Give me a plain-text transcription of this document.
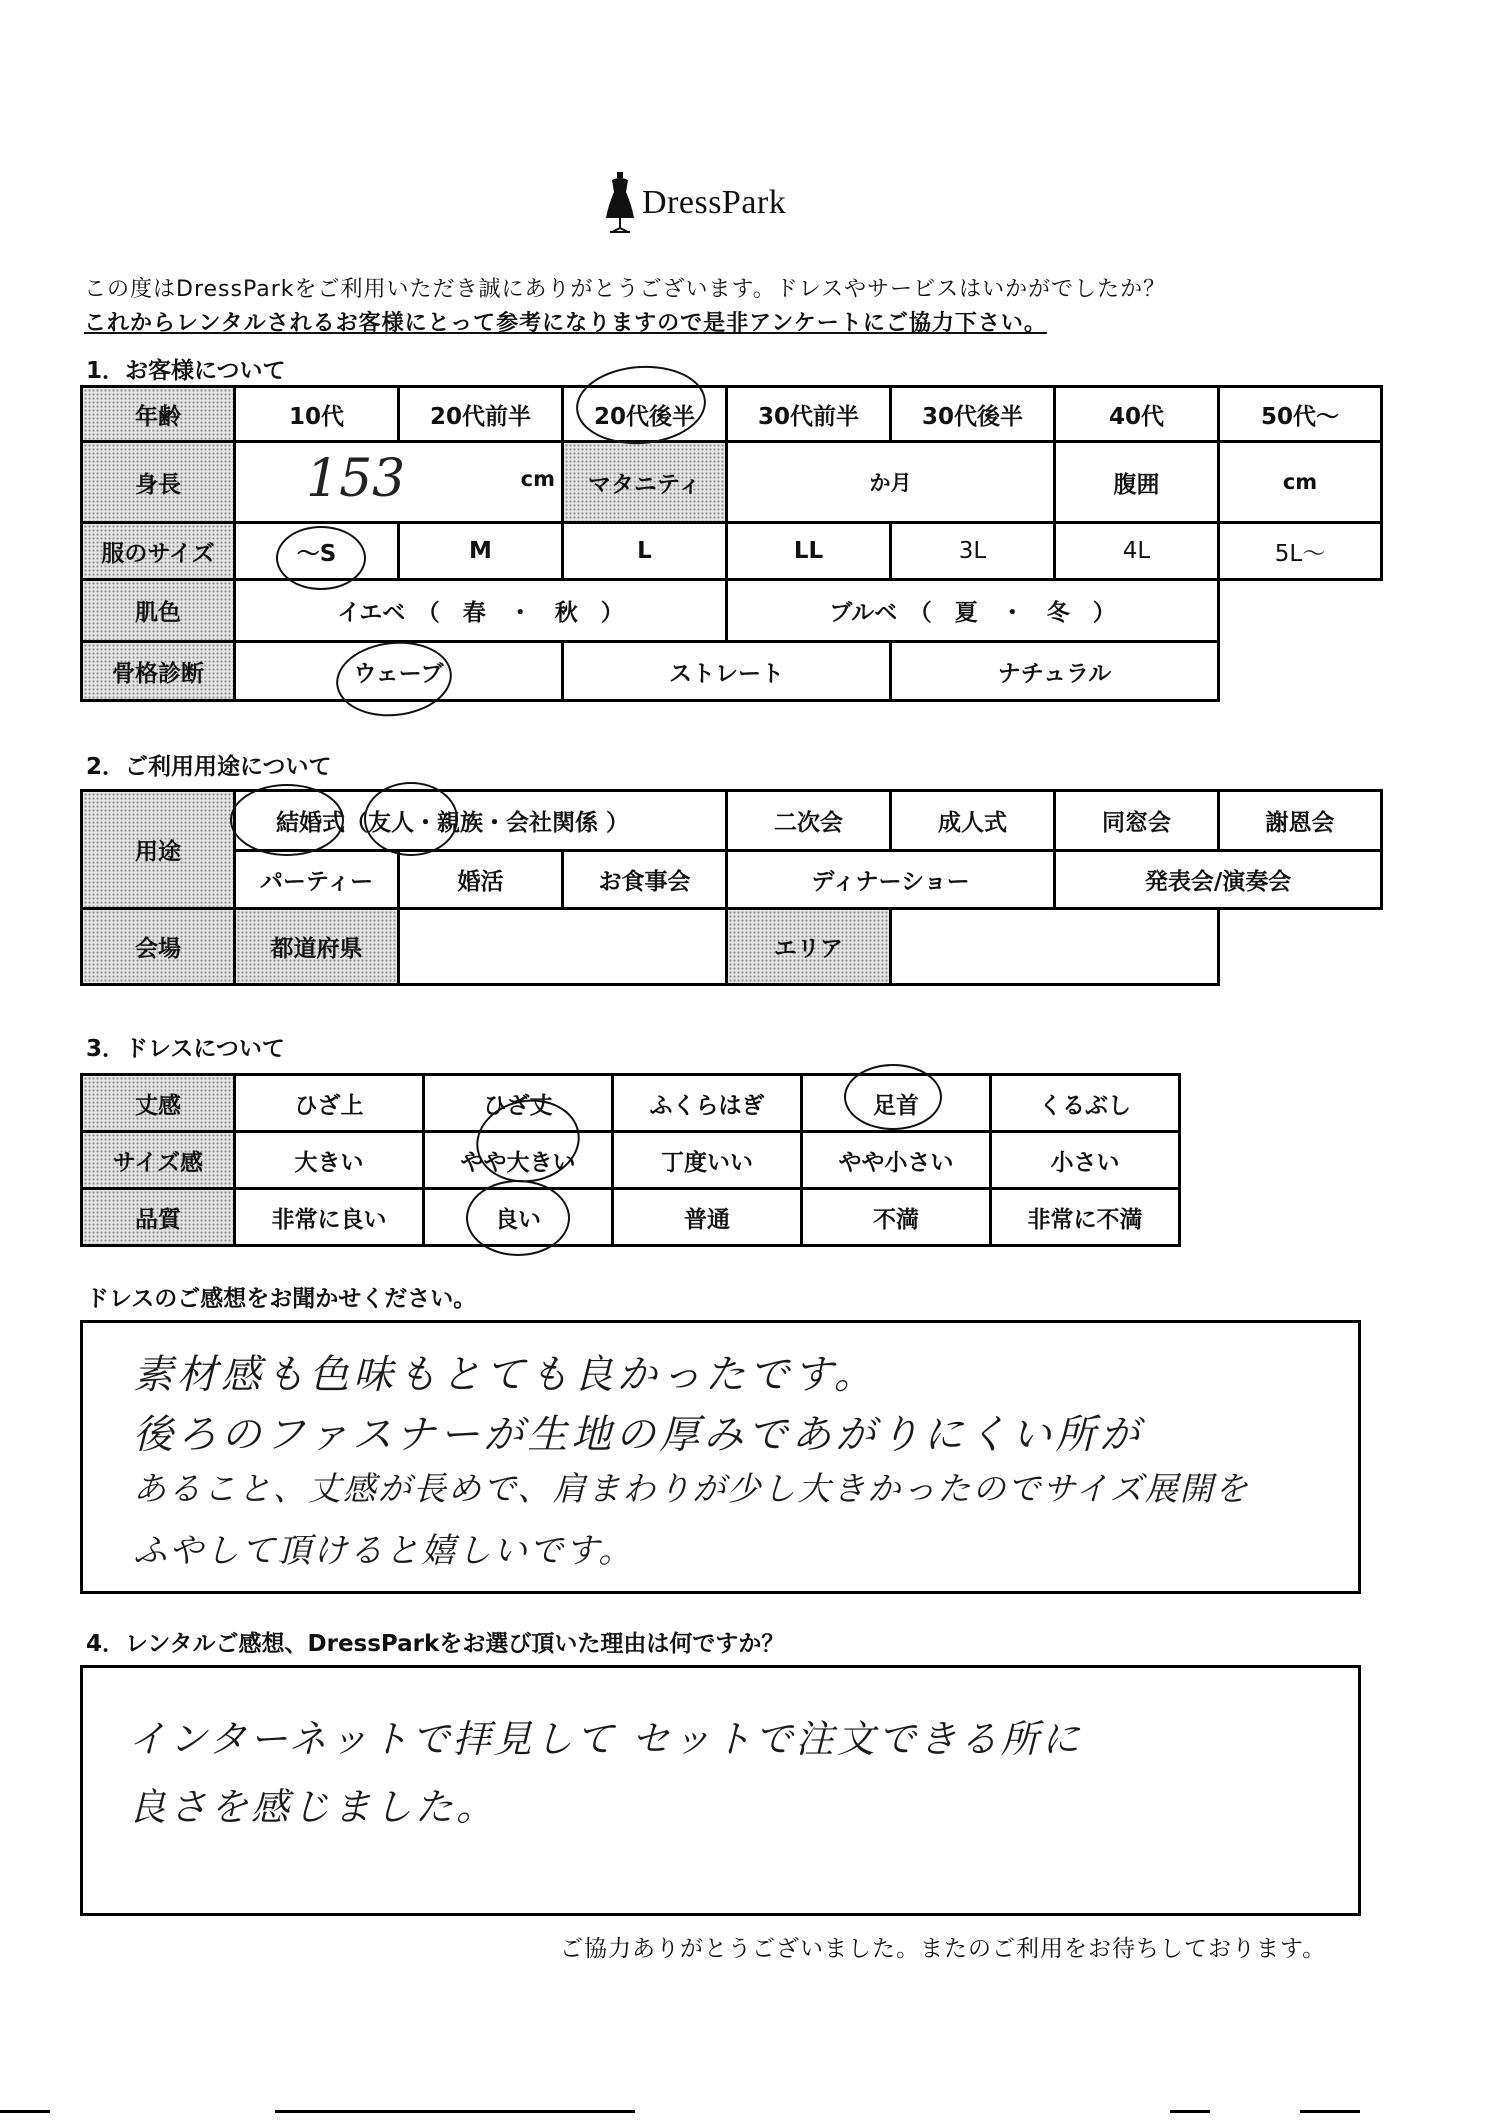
DressPark
この度はDressParkをご利用いただき誠にありがとうございます。ドレスやサービスはいかがでしたか？
これからレンタルされるお客様にとって参考になりますので是非アンケートにご協力下さい。
1．お客様について
年齢	10代	20代前半	20代後半	30代前半	30代後半	40代	50代～
身長	153 cm		マタニティ	か月		腹囲	cm
服のサイズ	～S	M	L	LL	3L	4L	5L～
肌色	イエベ　（　春　・　秋　）			ブルベ　（　夏　・　冬　）			
骨格診断	ウェーブ		ストレート		ナチュラル		
2．ご利用用途について
用途	結婚式（友人・親族・会社関係 ）			二次会	成人式	同窓会	謝恩会
	パーティー	婚活	お食事会	ディナーショー		発表会/演奏会	
会場	都道府県			エリア			
3．ドレスについて
丈感	ひざ上	ひざ丈	ふくらはぎ	足首	くるぶし
サイズ感	大きい	やや大きい	丁度いい	やや小さい	小さい
品質	非常に良い	良い	普通	不満	非常に不満
ドレスのご感想をお聞かせください。
素材感も色味もとても良かったです。
後ろのファスナーが生地の厚みであがりにくい所が
あること、丈感が長めで、肩まわりが少し大きかったのでサイズ展開を
ふやして頂けると嬉しいです。
4．レンタルご感想、DressParkをお選び頂いた理由は何ですか？
インターネットで拝見して セットで注文できる所に
良さを感じました。
ご協力ありがとうございました。またのご利用をお待ちしております。
